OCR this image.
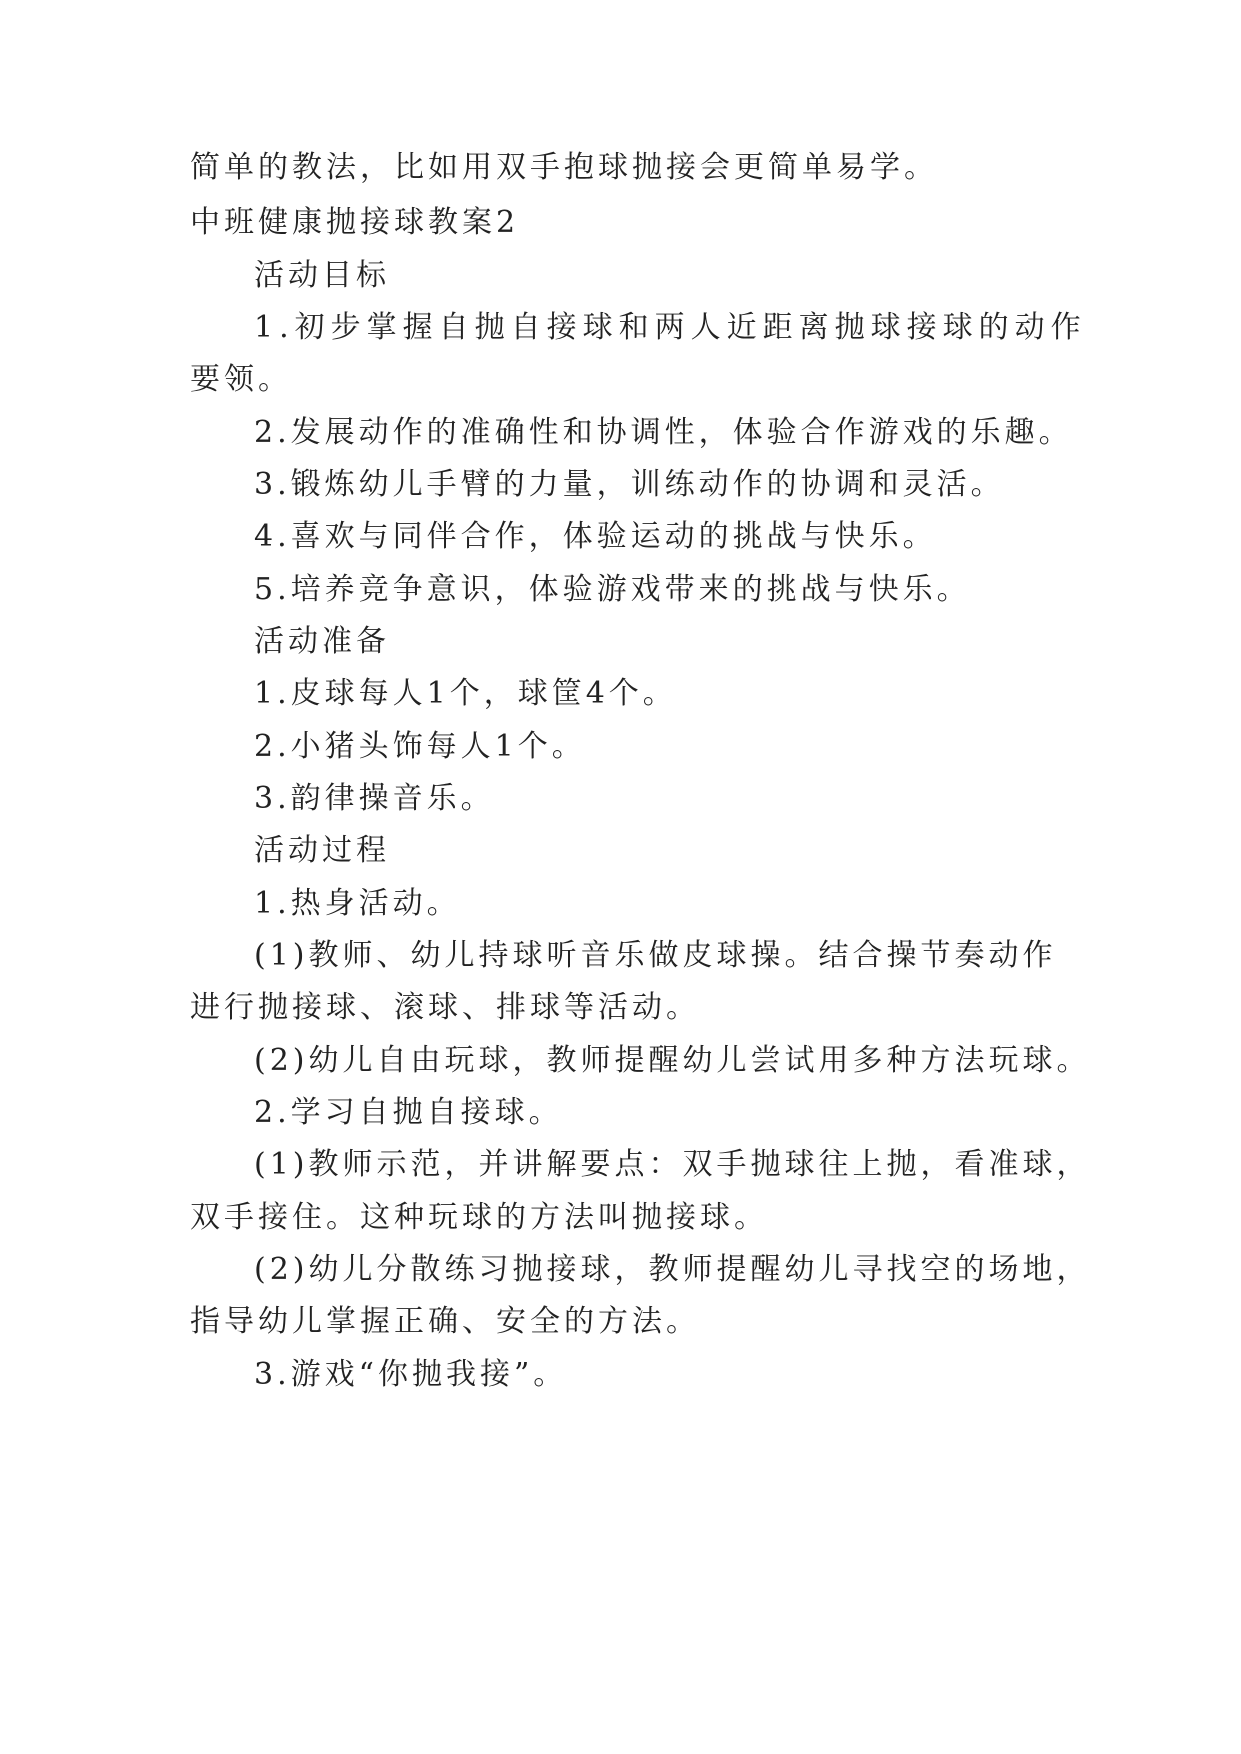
简单的教法，比如用双手抱球抛接会更简单易学。
中班健康抛接球教案2
活动目标
1.初步掌握自抛自接球和两人近距离抛球接球的动作
要领。
2.发展动作的准确性和协调性，体验合作游戏的乐趣。
3.锻炼幼儿手臂的力量，训练动作的协调和灵活。
4.喜欢与同伴合作，体验运动的挑战与快乐。
5.培养竞争意识，体验游戏带来的挑战与快乐。
活动准备
1.皮球每人1个，球筐4个。
2.小猪头饰每人1个。
3.韵律操音乐。
活动过程
1.热身活动。
(1)教师、幼儿持球听音乐做皮球操。结合操节奏动作
进行抛接球、滚球、排球等活动。
(2)幼儿自由玩球，教师提醒幼儿尝试用多种方法玩球。
2.学习自抛自接球。
(1)教师示范，并讲解要点：双手抛球往上抛，看准球，
双手接住。这种玩球的方法叫抛接球。
(2)幼儿分散练习抛接球，教师提醒幼儿寻找空的场地，
指导幼儿掌握正确、安全的方法。
3.游戏“你抛我接”。
